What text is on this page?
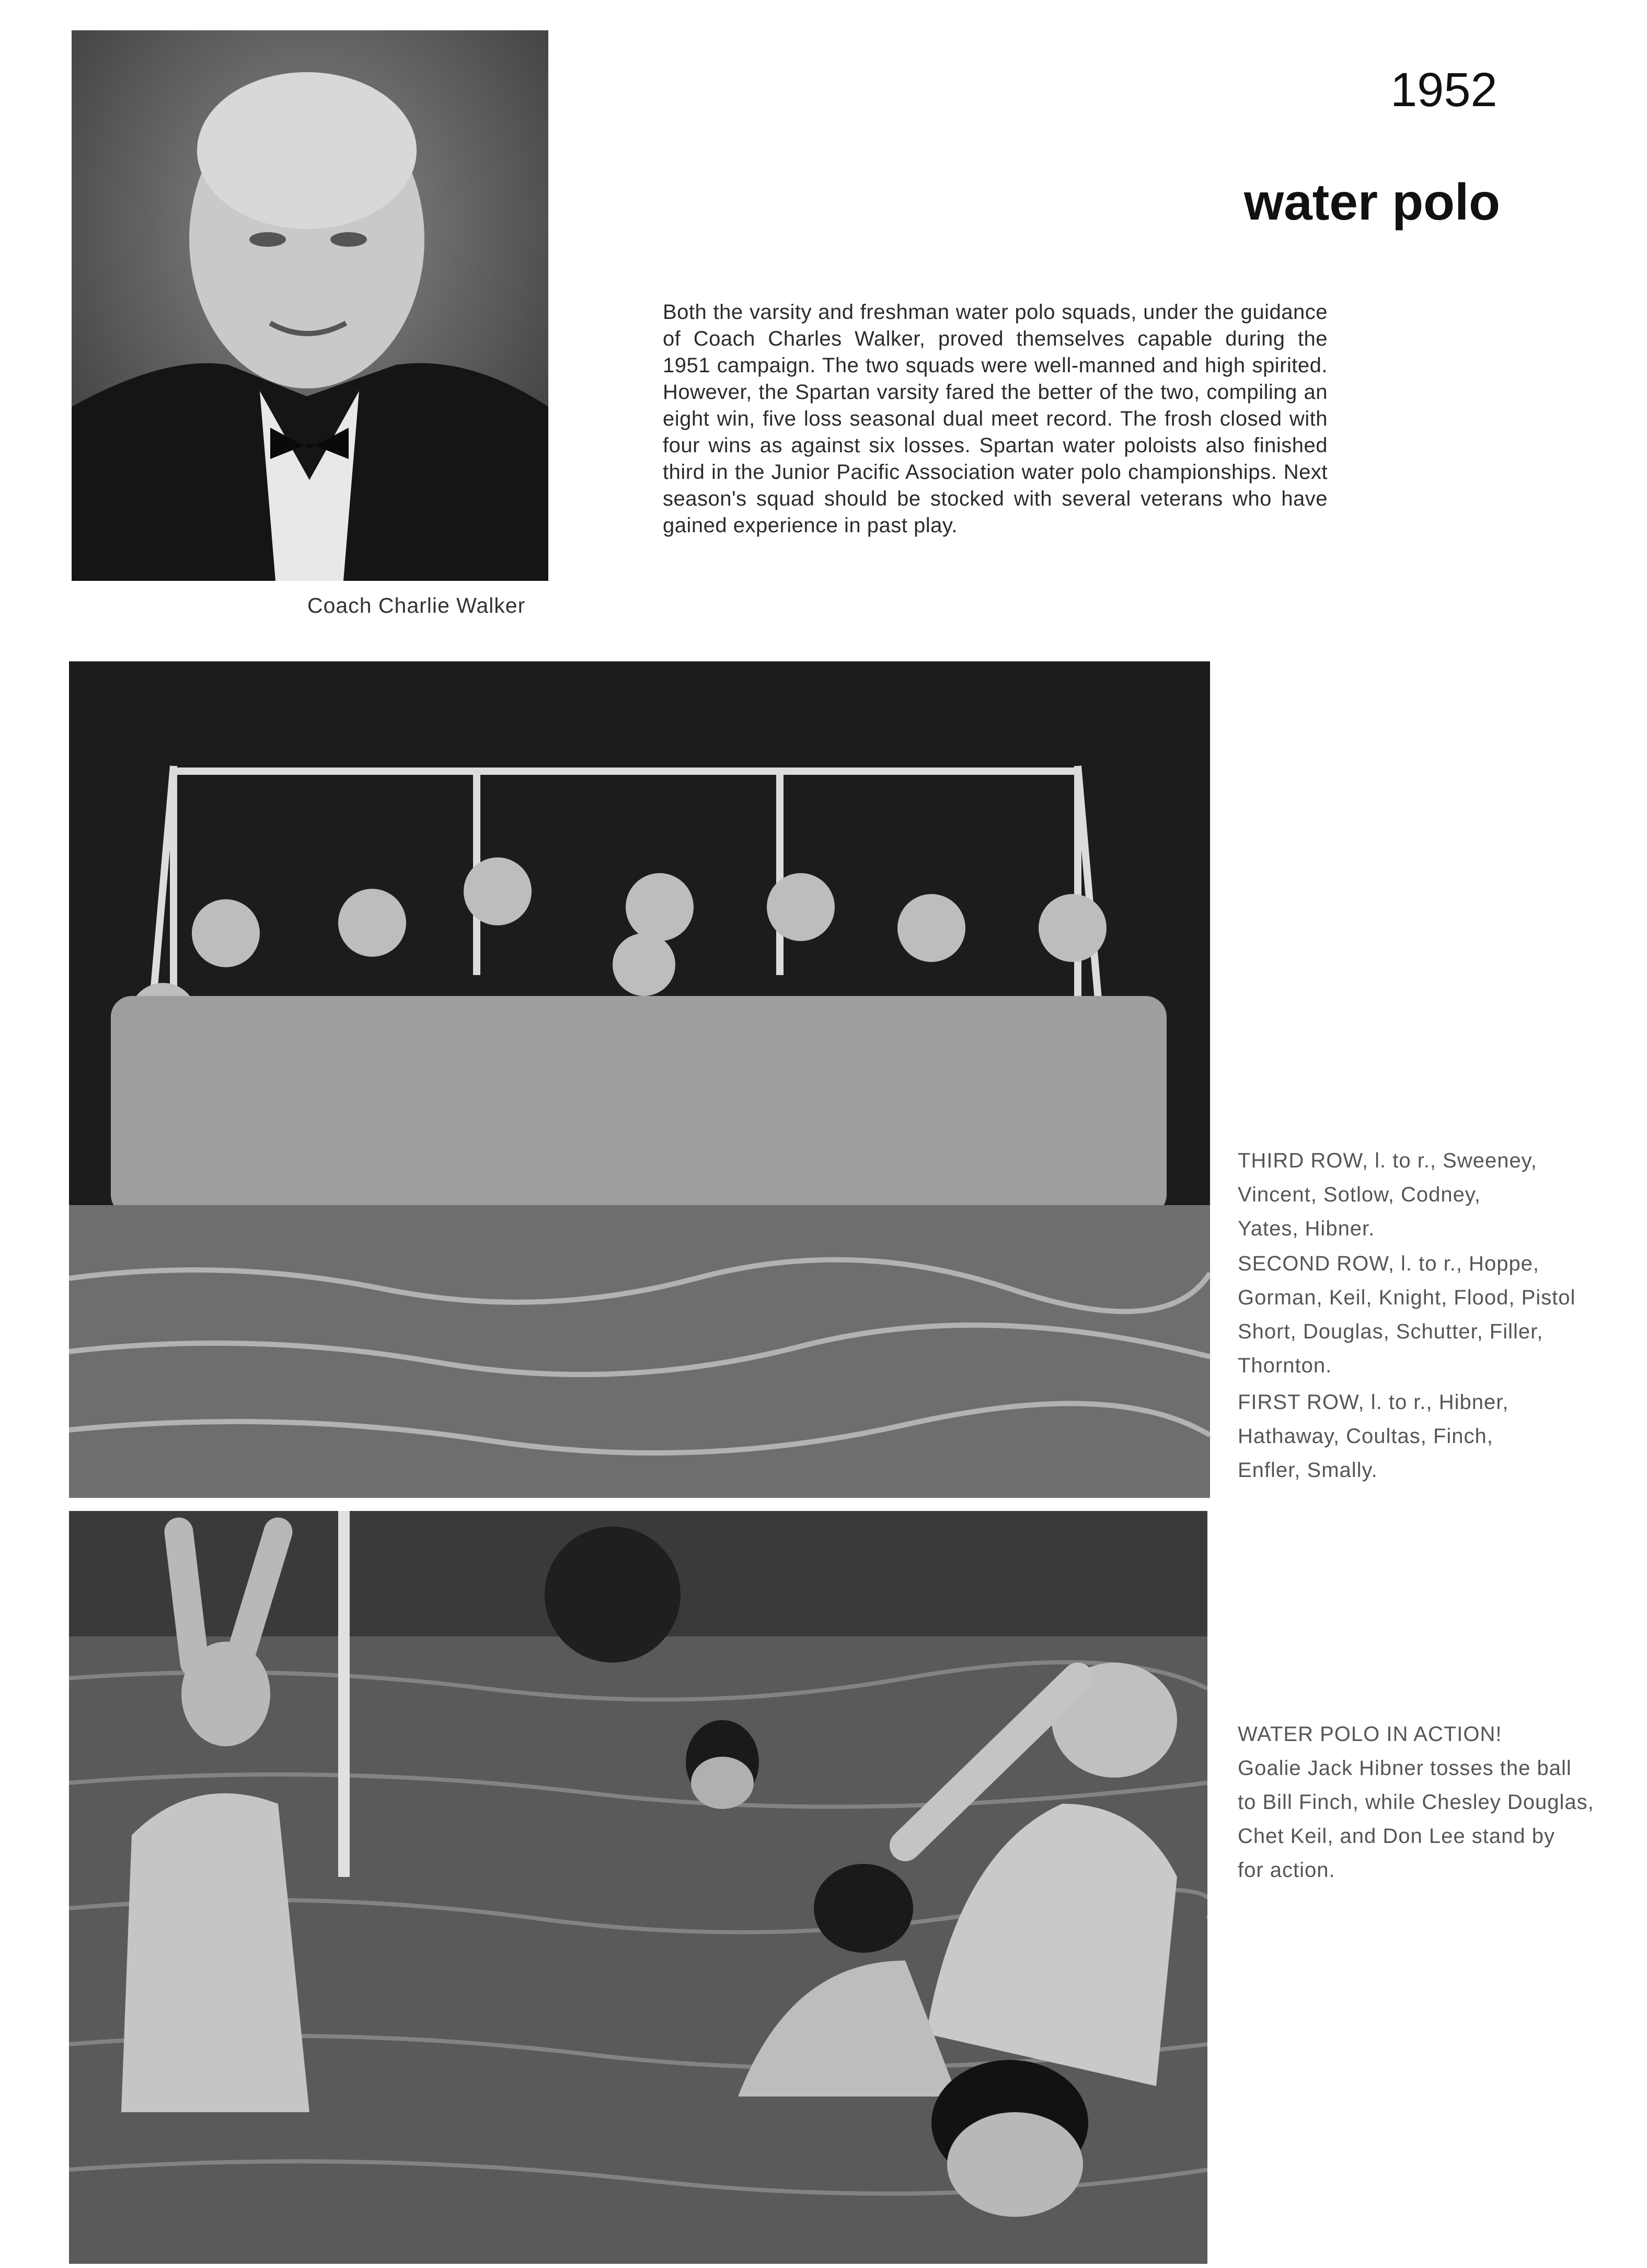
1952
water polo
Both the varsity and freshman water polo squads, under the guidance of Coach Charles Walker, proved themselves capable during the 1951 campaign. The two squads were well-manned and high spirited. However, the Spartan varsity fared the better of the two, compiling an eight win, five loss seasonal dual meet record. The frosh closed with four wins as against six losses. Spartan water poloists also finished third in the Junior Pacific Association water polo championships. Next season's squad should be stocked with several veterans who have gained experience in past play.
Coach Charlie Walker
THIRD ROW, l. to r., Sweeney,
Vincent, Sotlow, Codney,
Yates, Hibner.
SECOND ROW, l. to r., Hoppe,
Gorman, Keil, Knight, Flood, Pistol
Short, Douglas, Schutter, Filler,
Thornton.
FIRST ROW, l. to r., Hibner,
Hathaway, Coultas, Finch,
Enfler, Smally.
WATER POLO IN ACTION!
Goalie Jack Hibner tosses the ball
to Bill Finch, while Chesley Douglas,
Chet Keil, and Don Lee stand by
for action.
